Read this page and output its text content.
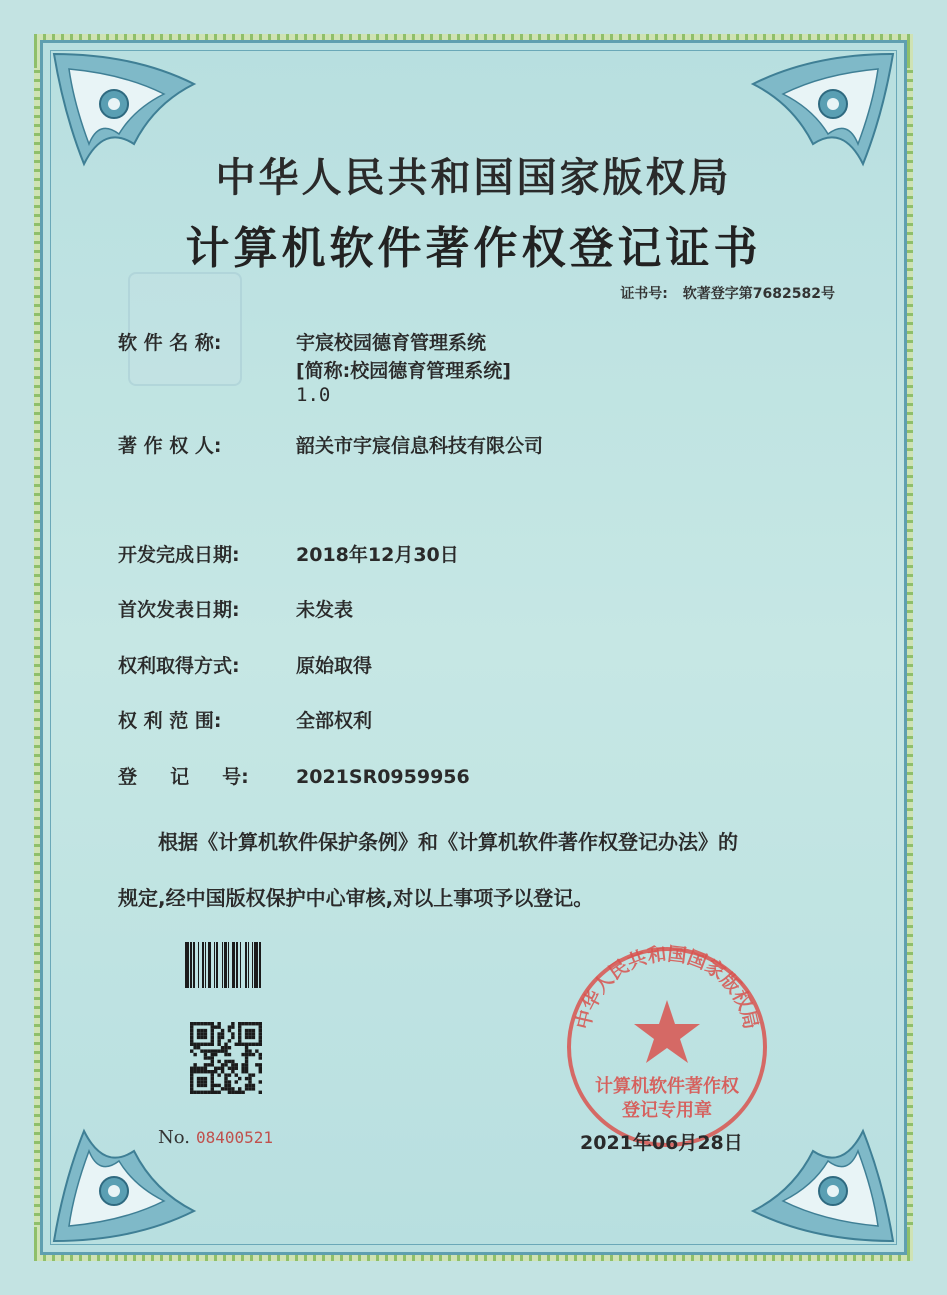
中华人民共和国国家版权局
计算机软件著作权登记证书
证书号: 软著登字第7682582号
软 件 名 称:	宇宸校园德育管理系统
[简称:校园德育管理系统]
1.0
著 作 权 人:	韶关市宇宸信息科技有限公司
开发完成日期:	2018年12月30日
首次发表日期:	未发表
权利取得方式:	原始取得
权 利 范 围:	全部权利
登     记     号: 2021SR0959956
根据《计算机软件保护条例》和《计算机软件著作权登记办法》的
规定,经中国版权保护中心审核,对以上事项予以登记。
No. 08400521
中华人民共和国国家版权局
计算机软件著作权
登记专用章
2021年06月28日
